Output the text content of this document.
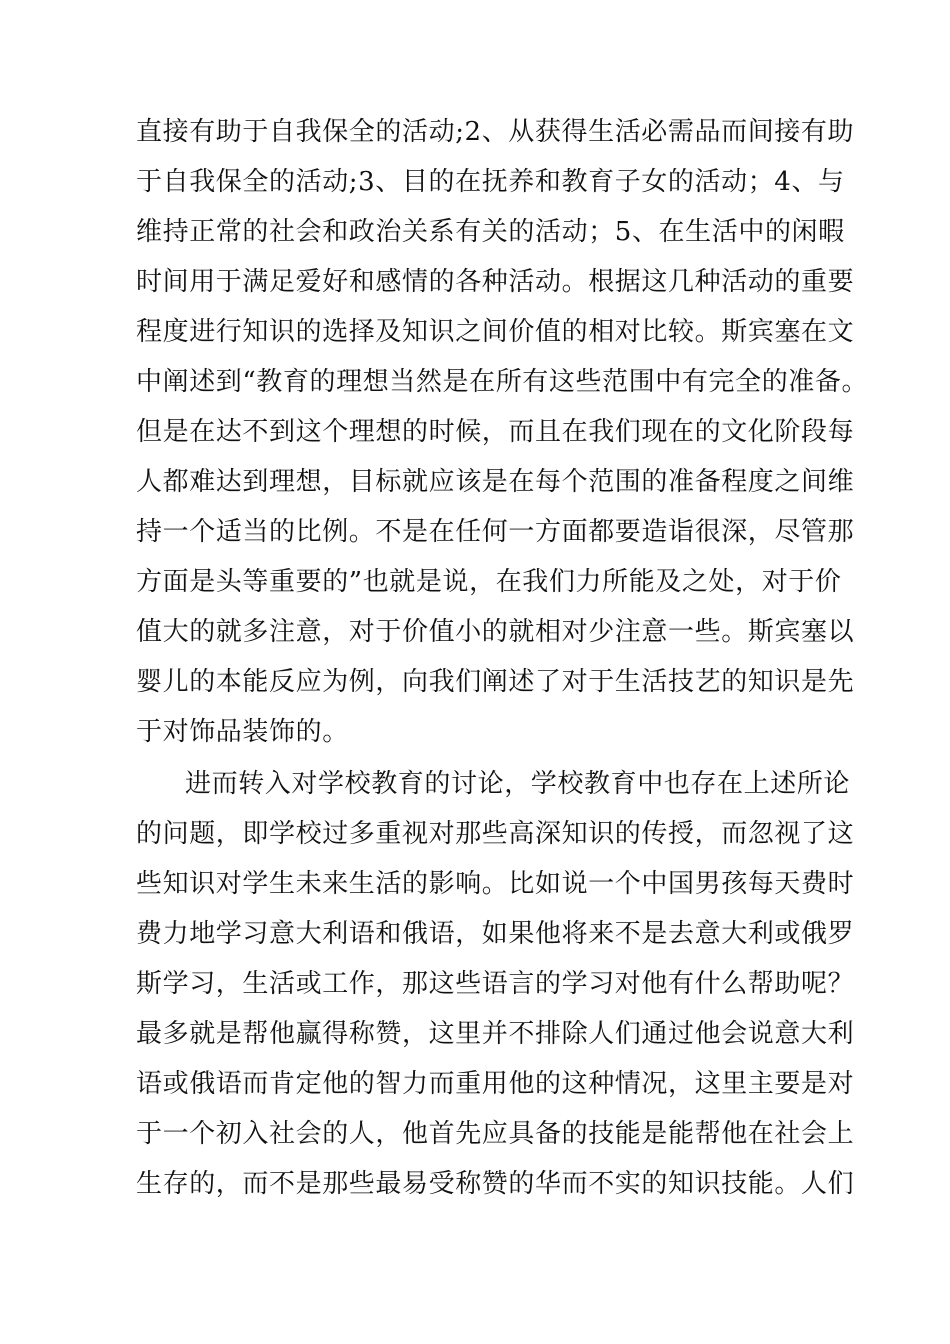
直接有助于自我保全的活动;2、从获得生活必需品而间接有助
于自我保全的活动;3、目的在抚养和教育子女的活动；4、与
维持正常的社会和政治关系有关的活动；5、在生活中的闲暇
时间用于满足爱好和感情的各种活动。根据这几种活动的重要
程度进行知识的选择及知识之间价值的相对比较。斯宾塞在文
中阐述到“教育的理想当然是在所有这些范围中有完全的准备。
但是在达不到这个理想的时候，而且在我们现在的文化阶段每
人都难达到理想，目标就应该是在每个范围的准备程度之间维
持一个适当的比例。不是在任何一方面都要造诣很深，尽管那
方面是头等重要的”也就是说，在我们力所能及之处，对于价
值大的就多注意，对于价值小的就相对少注意一些。斯宾塞以
婴儿的本能反应为例，向我们阐述了对于生活技艺的知识是先
于对饰品装饰的。
进而转入对学校教育的讨论，学校教育中也存在上述所论
的问题，即学校过多重视对那些高深知识的传授，而忽视了这
些知识对学生未来生活的影响。比如说一个中国男孩每天费时
费力地学习意大利语和俄语，如果他将来不是去意大利或俄罗
斯学习，生活或工作，那这些语言的学习对他有什么帮助呢？
最多就是帮他赢得称赞，这里并不排除人们通过他会说意大利
语或俄语而肯定他的智力而重用他的这种情况，这里主要是对
于一个初入社会的人，他首先应具备的技能是能帮他在社会上
生存的，而不是那些最易受称赞的华而不实的知识技能。人们
